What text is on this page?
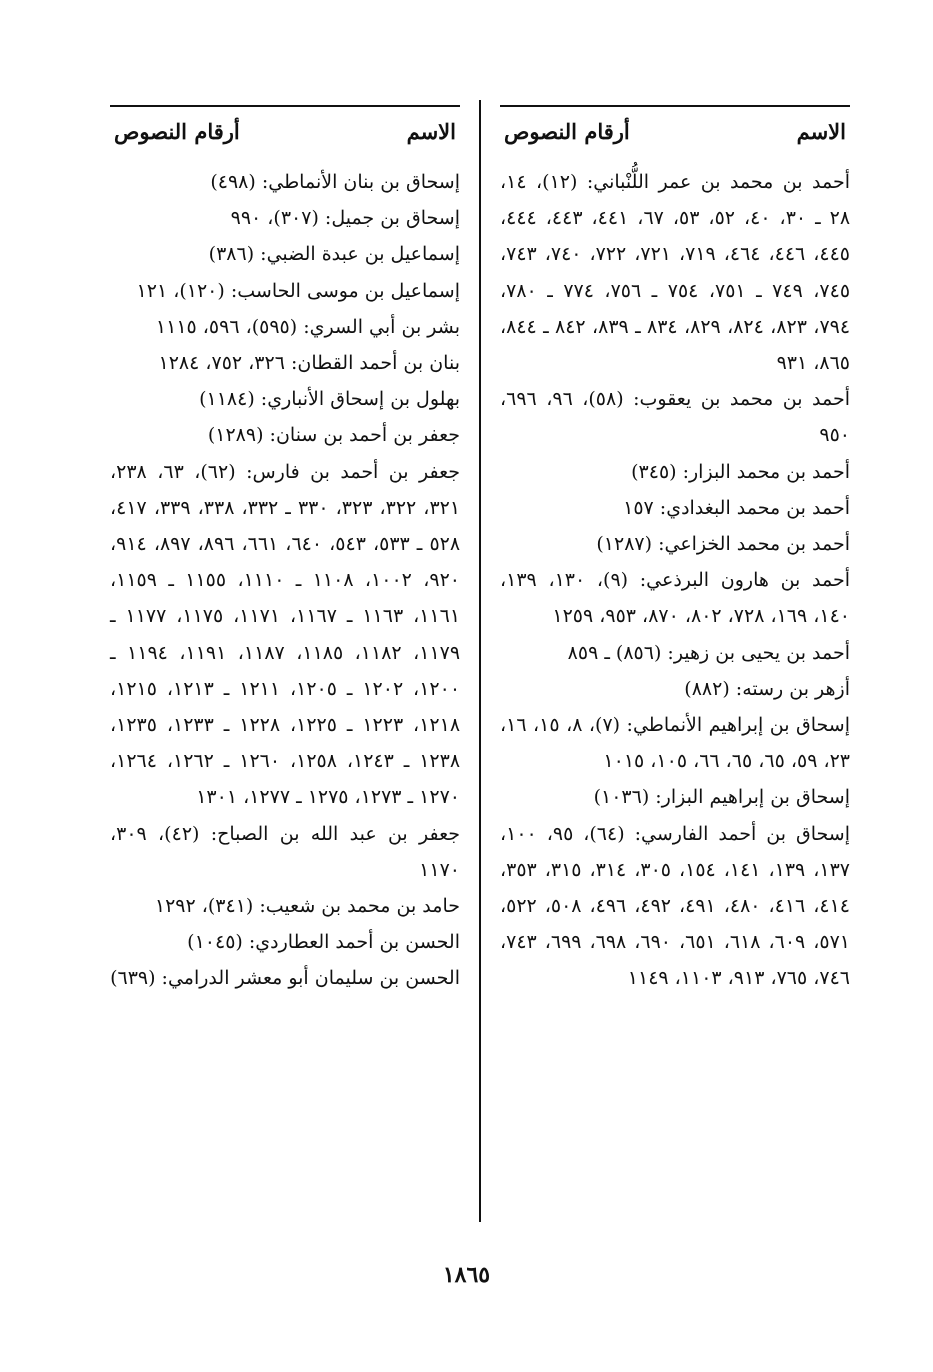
الاسم
أرقام النصوص
أحمد بن محمد بن عمر اللُّنْباني: (١٢)، ١٤، ٢٨ ـ ٣٠، ٤٠، ٥٢، ٥٣، ٦٧، ٤٤١، ٤٤٣، ٤٤٤، ٤٤٥، ٤٤٦، ٤٦٤، ٧١٩، ٧٢١، ٧٢٢، ٧٤٠، ٧٤٣، ٧٤٥، ٧٤٩ ـ ٧٥١، ٧٥٤ ـ ٧٥٦، ٧٧٤ ـ ٧٨٠، ٧٩٤، ٨٢٣، ٨٢٤، ٨٢٩، ٨٣٤ ـ ٨٣٩، ٨٤٢ ـ ٨٤٤، ٨٦٥، ٩٣١
أحمد بن محمد بن يعقوب: (٥٨)، ٩٦، ٦٩٦، ٩٥٠
أحمد بن محمد البزار: (٣٤٥)
أحمد بن محمد البغدادي: ١٥٧
أحمد بن محمد الخزاعي: (١٢٨٧)
أحمد بن هارون البرذعي: (٩)، ١٣٠، ١٣٩، ١٤٠، ١٦٩، ٧٢٨، ٨٠٢، ٨٧٠، ٩٥٣، ١٢٥٩
أحمد بن يحيى بن زهير: (٨٥٦) ـ ٨٥٩
أزهر بن رسته: (٨٨٢)
إسحاق بن إبراهيم الأنماطي: (٧)، ٨، ١٥، ١٦، ٢٣، ٥٩، ٦٥، ٦٥، ٦٦، ١٠٥، ١٠١٥
إسحاق بن إبراهيم البزار: (١٠٣٦)
إسحاق بن أحمد الفارسي: (٦٤)، ٩٥، ١٠٠، ١٣٧، ١٣٩، ١٤١، ١٥٤، ٣٠٥، ٣١٤، ٣١٥، ٣٥٣، ٤١٤، ٤١٦، ٤٨٠، ٤٩١، ٤٩٢، ٤٩٦، ٥٠٨، ٥٢٢، ٥٧١، ٦٠٩، ٦١٨، ٦٥١، ٦٩٠، ٦٩٨، ٦٩٩، ٧٤٣، ٧٤٦، ٧٦٥، ٩١٣، ١١٠٣، ١١٤٩
الاسم
أرقام النصوص
إسحاق بن بنان الأنماطي: (٤٩٨)
إسحاق بن جميل: (٣٠٧)، ٩٩٠
إسماعيل بن عبدة الضبي: (٣٨٦)
إسماعيل بن موسى الحاسب: (١٢٠)، ١٢١
بشر بن أبي السري: (٥٩٥)، ٥٩٦، ١١١٥
بنان بن أحمد القطان: ٣٢٦، ٧٥٢، ١٢٨٤
بهلول بن إسحاق الأنباري: (١١٨٤)
جعفر بن أحمد بن سنان: (١٢٨٩)
جعفر بن أحمد بن فارس: (٦٢)، ٦٣، ٢٣٨، ٣٢١، ٣٢٢، ٣٢٣، ٣٣٠ ـ ٣٣٢، ٣٣٨، ٣٣٩، ٤١٧، ٥٢٨ ـ ٥٣٣، ٥٤٣، ٦٤٠، ٦٦١، ٨٩٦، ٨٩٧، ٩١٤، ٩٢٠، ١٠٠٢، ١١٠٨ ـ ١١١٠، ١١٥٥ ـ ١١٥٩، ١١٦١، ١١٦٣ ـ ١١٦٧، ١١٧١، ١١٧٥، ١١٧٧ ـ ١١٧٩، ١١٨٢، ١١٨٥، ١١٨٧، ١١٩١، ١١٩٤ ـ ١٢٠٠، ١٢٠٢ ـ ١٢٠٥، ١٢١١ ـ ١٢١٣، ١٢١٥، ١٢١٨، ١٢٢٣ ـ ١٢٢٥، ١٢٢٨ ـ ١٢٣٣، ١٢٣٥، ١٢٣٨ ـ ١٢٤٣، ١٢٥٨، ١٢٦٠ ـ ١٢٦٢، ١٢٦٤، ١٢٧٠ ـ ١٢٧٣، ١٢٧٥ ـ ١٢٧٧، ١٣٠١
جعفر بن عبد الله بن الصباح: (٤٢)، ٣٠٩، ١١٧٠
حامد بن محمد بن شعيب: (٣٤١)، ١٢٩٢
الحسن بن أحمد العطاردي: (١٠٤٥)
الحسن بن سليمان أبو معشر الدرامي: (٦٣٩)
١٨٦٥
